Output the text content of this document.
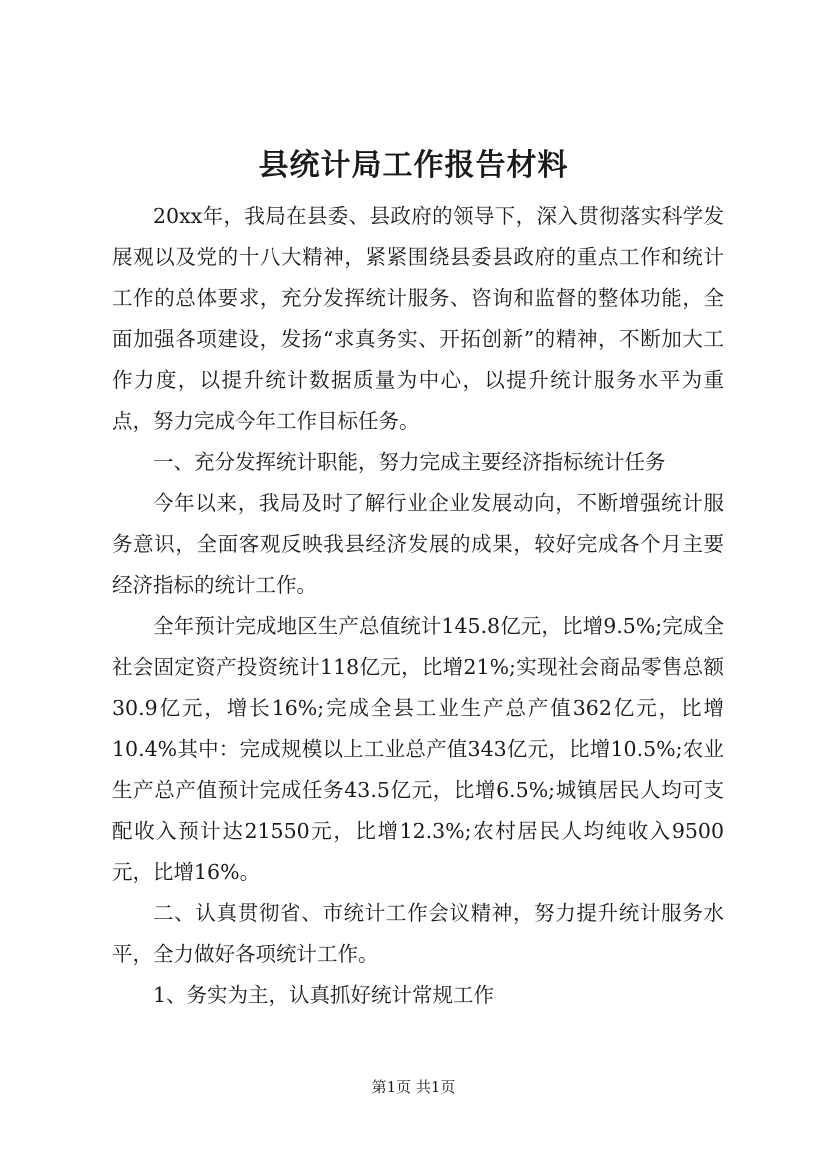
县统计局工作报告材料

20xx年，我局在县委、县政府的领导下，深入贯彻落实科学发展观以及党的十八大精神，紧紧围绕县委县政府的重点工作和统计工作的总体要求，充分发挥统计服务、咨询和监督的整体功能，全面加强各项建设，发扬“求真务实、开拓创新”的精神，不断加大工作力度，以提升统计数据质量为中心，以提升统计服务水平为重点，努力完成今年工作目标任务。

一、充分发挥统计职能，努力完成主要经济指标统计任务

今年以来，我局及时了解行业企业发展动向，不断增强统计服务意识，全面客观反映我县经济发展的成果，较好完成各个月主要经济指标的统计工作。

全年预计完成地区生产总值统计145.8亿元，比增9.5%;完成全社会固定资产投资统计118亿元，比增21%;实现社会商品零售总额30.9亿元，增长16%;完成全县工业生产总产值362亿元，比增10.4%其中：完成规模以上工业总产值343亿元，比增10.5%;农业生产总产值预计完成任务43.5亿元，比增6.5%;城镇居民人均可支配收入预计达21550元，比增12.3%;农村居民人均纯收入9500元，比增16%。

二、认真贯彻省、市统计工作会议精神，努力提升统计服务水平，全力做好各项统计工作。

1、务实为主，认真抓好统计常规工作

第1页 共1页
